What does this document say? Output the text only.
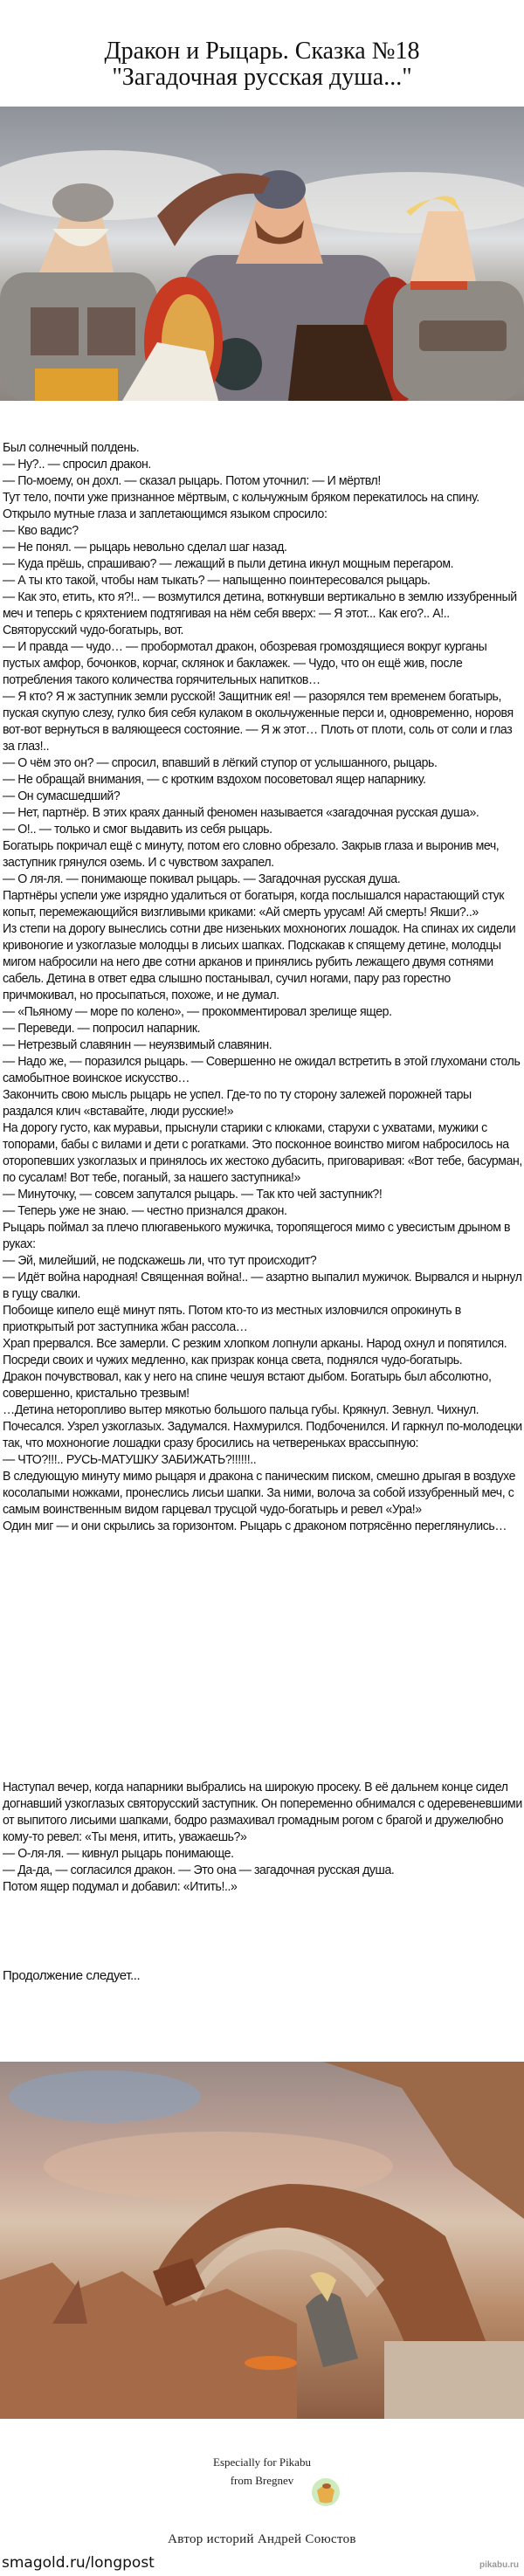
Дракон и Рыцарь. Сказка №18
"Загадочная русская душа..."

Был солнечный полдень.

— Ну?.. — спросил дракон.

— По-моему, он дохл. — сказал рыцарь. Потом уточнил: — И мёртвл!

Тут тело, почти уже признанное мёртвым, с кольчужным бряком перекатилось на спину. Открыло мутные глаза и заплетающимся языком спросило:

— Кво вадис?

— Не понял. — рыцарь невольно сделал шаг назад.

— Куда прёшь, спрашиваю? — лежащий в пыли детина икнул мощным перегаром.

— А ты кто такой, чтобы нам тыкать? — напыщенно поинтересовался рыцарь.

— Как это, етить, кто я?!.. — возмутился детина, воткнувши вертикально в землю иззубренный меч и теперь с кряхтением подтягивая на нём себя вверх: — Я этот... Как его?.. А!.. Святорусский чудо-богатырь, вот.

— И правда — чудо… — пробормотал дракон, обозревая громоздящиеся вокруг курганы пустых амфор, бочонков, корчаг, склянок и баклажек. — Чудо, что он ещё жив, после потребления такого количества горячительных напитков…

— Я кто? Я ж заступник земли русской! Защитник ея! — разорялся тем временем богатырь, пуская скупую слезу, гулко бия себя кулаком в окольчуженные перси и, одновременно, норовя вот-вот вернуться в валяющееся состояние. — Я ж этот… Плоть от плоти, соль от соли и глаз за глаз!..

— О чём это он? — спросил, впавший в лёгкий ступор от услышанного, рыцарь.

— Не обращай внимания, — с кротким вздохом посоветовал ящер напарнику.

— Он сумасшедший?

— Нет, партнёр. В этих краях данный феномен называется «загадочная русская душа».

— О!.. — только и смог выдавить из себя рыцарь.

Богатырь покричал ещё с минуту, потом его словно обрезало. Закрыв глаза и выронив меч, заступник грянулся оземь. И с чувством захрапел.

— О ля-ля. — понимающе покивал рыцарь. — Загадочная русская душа.

Партнёры успели уже изрядно удалиться от богатыря, когда послышался нарастающий стук копыт, перемежающийся визгливыми криками: «Ай смерть урусам! Ай смерть! Якши?..»

Из степи на дорогу вынеслись сотни две низеньких мохноногих лошадок. На спинах их сидели кривоногие и узкоглазые молодцы в лисьих шапках. Подскакав к спящему детине, молодцы мигом набросили на него две сотни арканов и принялись рубить лежащего двумя сотнями сабель. Детина в ответ едва слышно постанывал, сучил ногами, пару раз горестно причмокивал, но просыпаться, похоже, и не думал.

— «Пьяному — море по колено», — прокомментировал зрелище ящер.

— Переведи. — попросил напарник.

— Нетрезвый славянин — неуязвимый славянин.

— Надо же, — поразился рыцарь. — Совершенно не ожидал встретить в этой глухомани столь самобытное воинское искусство…

Закончить свою мысль рыцарь не успел. Где-то по ту сторону залежей порожней тары раздался клич «вставайте, люди русские!»

На дорогу густо, как муравьи, прыснули старики с клюками, старухи с ухватами, мужики с топорами, бабы с вилами и дети с рогатками. Это посконное воинство мигом набросилось на оторопевших узкоглазых и принялось их жестоко дубасить, приговаривая: «Вот тебе, басурман, по сусалам! Вот тебе, поганый, за нашего заступника!»

— Минуточку, — совсем запутался рыцарь. — Так кто чей заступник?!

— Теперь уже не знаю. — честно признался дракон.

Рыцарь поймал за плечо плюгавенького мужичка, торопящегося мимо с увесистым дрыном в руках:

— Эй, милейший, не подскажешь ли, что тут происходит?

— Идёт война народная! Священная война!.. — азартно выпалил мужичок. Вырвался и нырнул в гущу свалки.

Побоище кипело ещё минут пять. Потом кто-то из местных изловчился опрокинуть в приоткрытый рот заступника жбан рассола…

Храп прервался. Все замерли. С резким хлопком лопнули арканы. Народ охнул и попятился. Посреди своих и чужих медленно, как призрак конца света, поднялся чудо-богатырь.

Дракон почувствовал, как у него на спине чешуя встают дыбом. Богатырь был абсолютно, совершенно, кристально трезвым!

…Детина неторопливо вытер мякотью большого пальца губы. Крякнул. Зевнул. Чихнул. Почесался. Узрел узкоглазых. Задумался. Нахмурился. Подбоченился. И гаркнул по-молодецки так, что мохноногие лошадки сразу бросились на четвереньках врассыпную:

— ЧТО?!!!.. РУСЬ-МАТУШКУ ЗАБИЖАТЬ?!!!!!!..

В следующую минуту мимо рыцаря и дракона с паническим писком, смешно дрыгая в воздухе косолапыми ножками, пронеслись лисьи шапки. За ними, волоча за собой иззубренный меч, с самым воинственным видом гарцевал трусцой чудо-богатырь и ревел «Ура!»

Один миг — и они скрылись за горизонтом. Рыцарь с драконом потрясённо переглянулись…

Наступал вечер, когда напарники выбрались на широкую просеку. В её дальнем конце сидел догнавший узкоглазых святорусский заступник. Он попеременно обнимался с одеревеневшими от выпитого лисьими шапками, бодро размахивал громадным рогом с брагой и дружелюбно кому-то ревел: «Ты меня, итить, уважаешь?»

— О-ля-ля. — кивнул рыцарь понимающе.

— Да-да, — согласился дракон. — Это она — загадочная русская душа.

Потом ящер подумал и добавил: «Итить!..»

Продолжение следует...
Especially for Pikabu
from Bregnev
Автор историй Андрей Союстов
smagold.ru/longpost	pikabu.ru
